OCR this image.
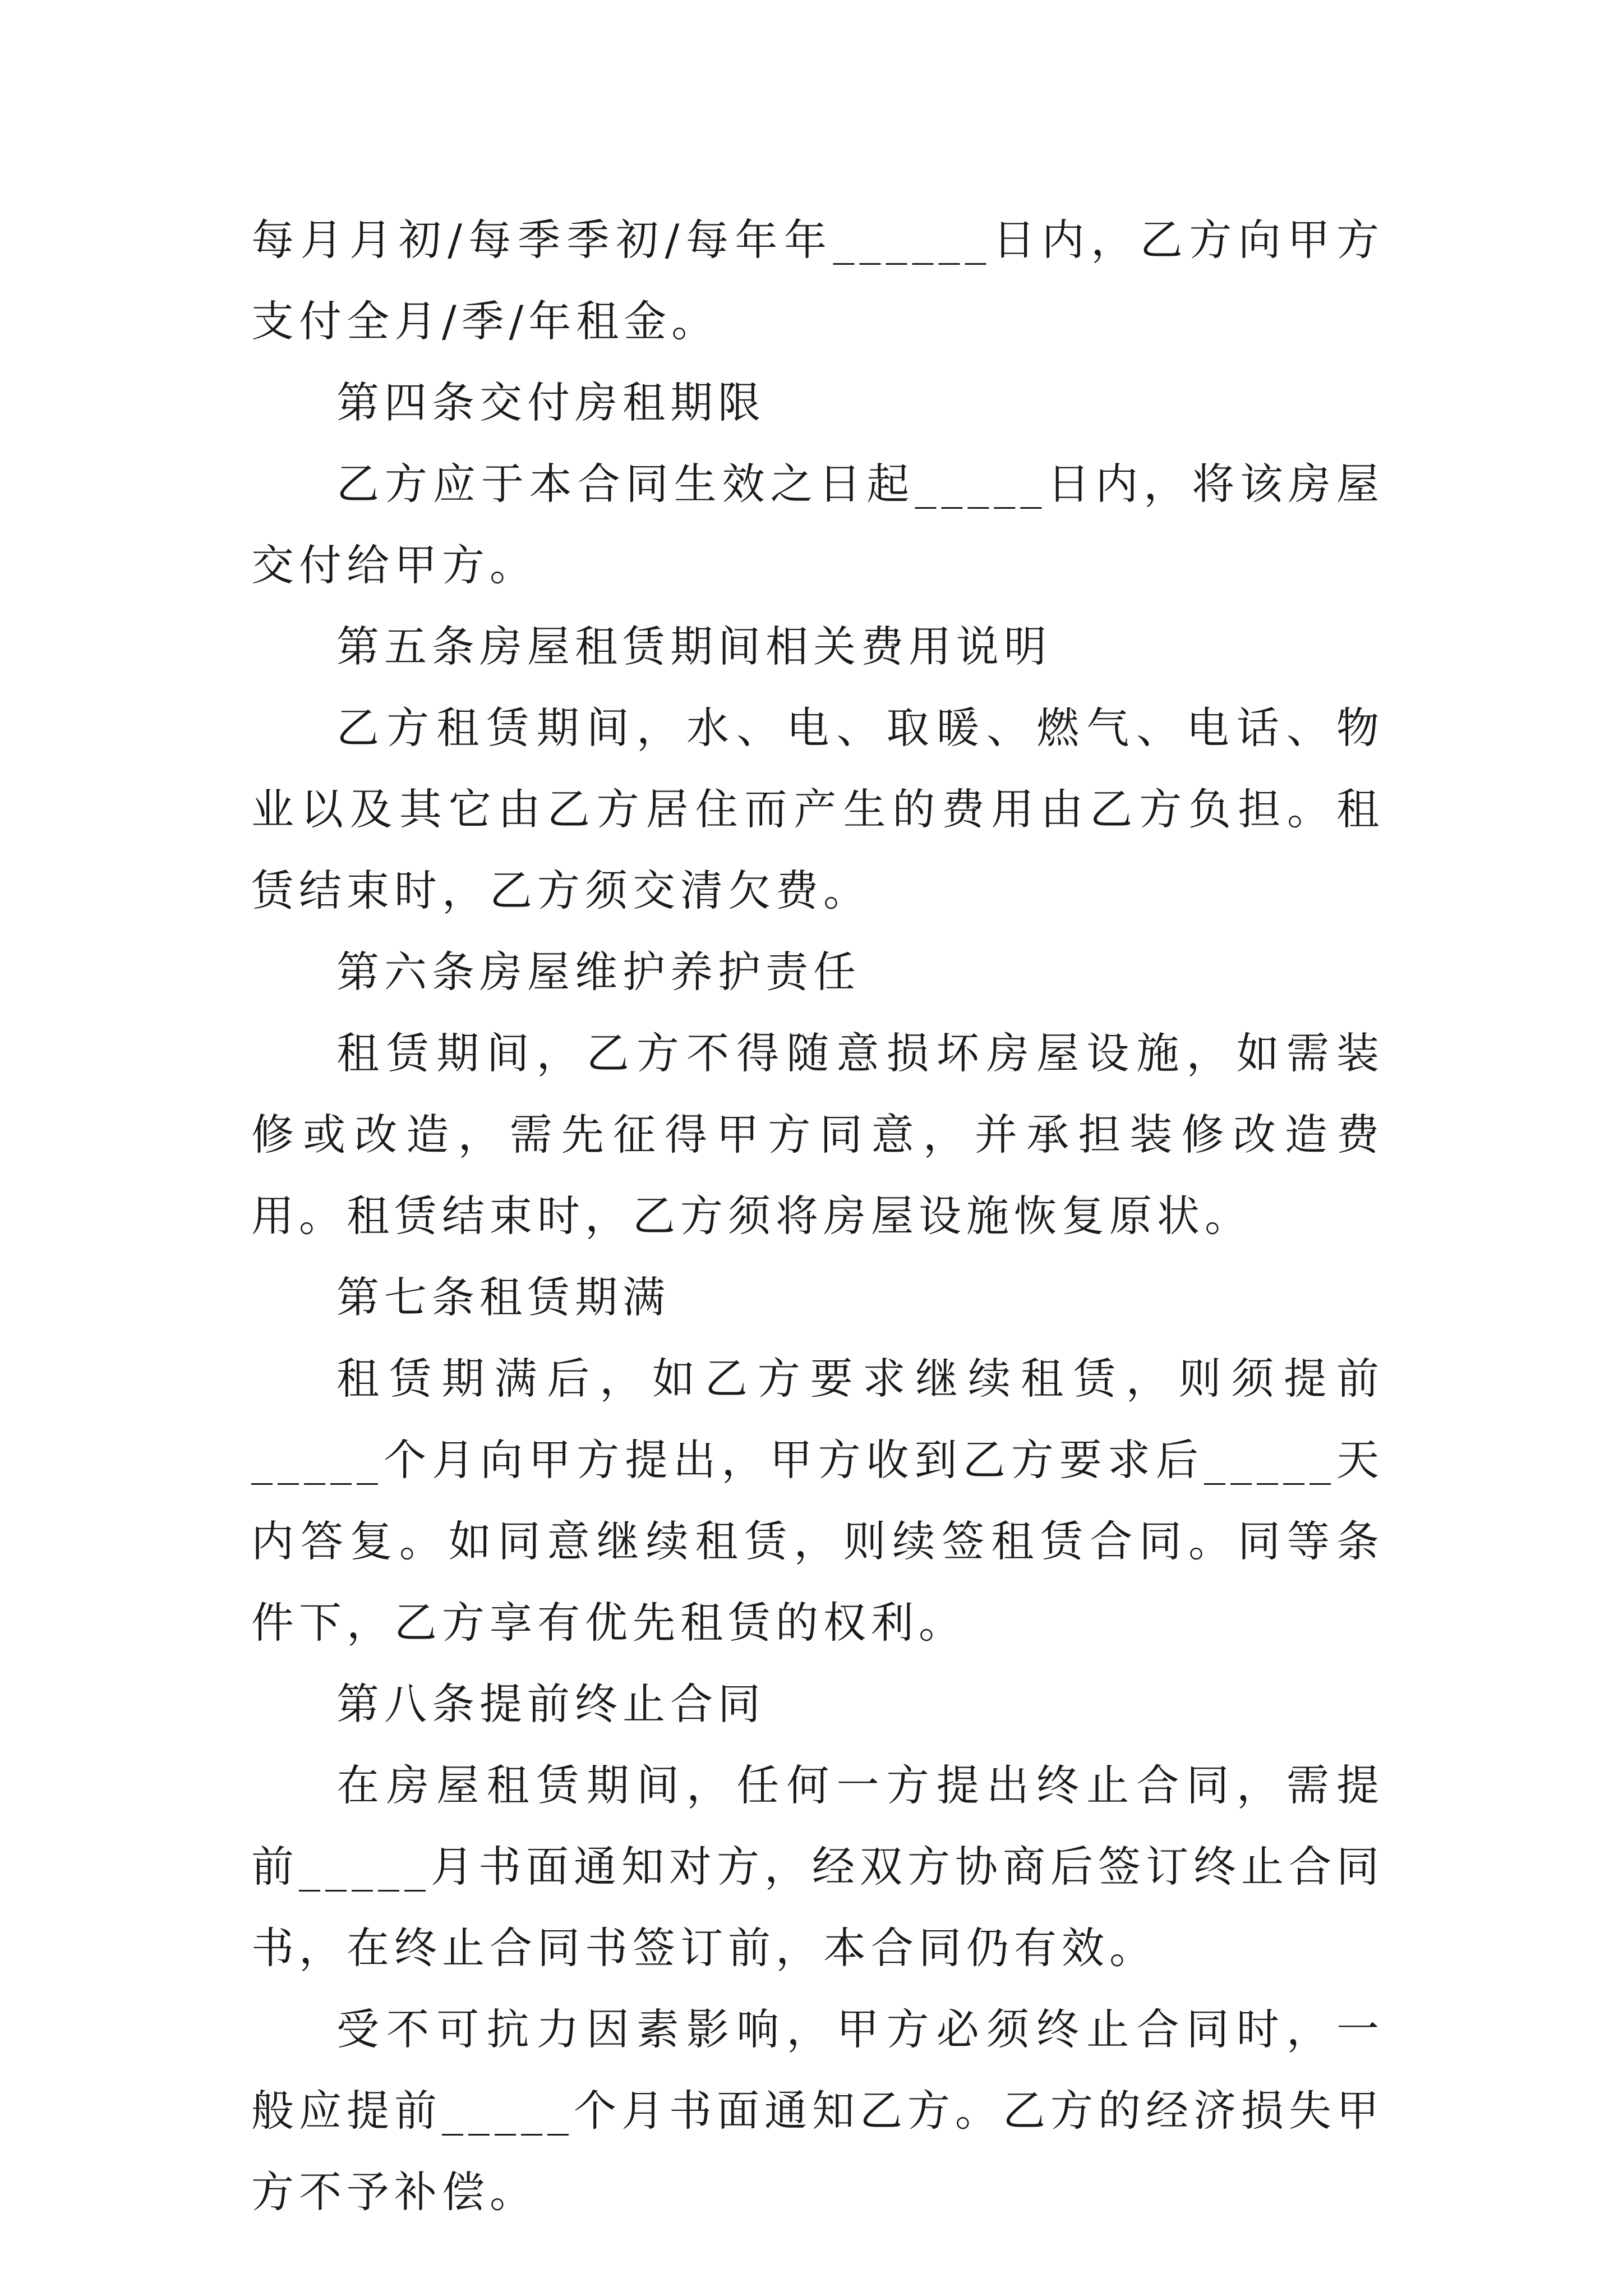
每月月初/每季季初/每年年______日内，乙方向甲方支付全月/季/年租金。

第四条交付房租期限

乙方应于本合同生效之日起_____日内，将该房屋交付给甲方。

第五条房屋租赁期间相关费用说明

乙方租赁期间，水、电、取暖、燃气、电话、物业以及其它由乙方居住而产生的费用由乙方负担。租赁结束时，乙方须交清欠费。

第六条房屋维护养护责任

租赁期间，乙方不得随意损坏房屋设施，如需装修或改造，需先征得甲方同意，并承担装修改造费用。租赁结束时，乙方须将房屋设施恢复原状。

第七条租赁期满

租赁期满后，如乙方要求继续租赁，则须提前_____个月向甲方提出，甲方收到乙方要求后_____天内答复。如同意继续租赁，则续签租赁合同。同等条件下，乙方享有优先租赁的权利。

第八条提前终止合同

在房屋租赁期间，任何一方提出终止合同，需提前_____月书面通知对方，经双方协商后签订终止合同书，在终止合同书签订前，本合同仍有效。

受不可抗力因素影响，甲方必须终止合同时，一般应提前_____个月书面通知乙方。乙方的经济损失甲方不予补偿。
